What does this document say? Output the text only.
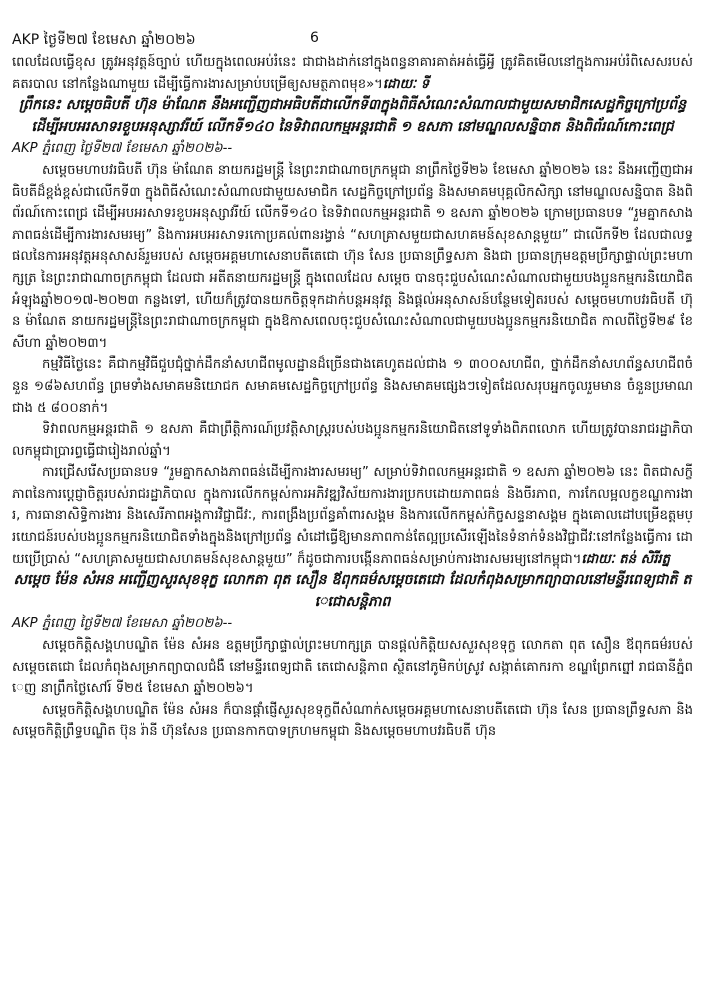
AKP ថ្ងៃទី២៧ ខែមេសា ឆ្នាំ២០២៦	6

ពេលដែលធ្វើខុស ត្រូវអនុវត្តន៍ច្បាប់ ហើយក្នុងពេលអប់រំនេះ ជាជាងដាក់នៅក្នុងពន្ធនាគារគាត់អត់ធ្វើអ្វី ត្រូវគិតមើលនៅក្នុងការអប់រំពិសេសរបស់គតរបាល នៅកន្លែងណាមួយ ដើម្បីធ្វើការងារសម្រាប់បម្រើឲ្យសមត្ថភាពមុខ»។ដោយៈ ទី

ព្រឹកនេះ សម្តេចធិបតី ហ៊ុន ម៉ាណែត នឹងអញ្ជើញជាអធិបតីជាលើកទី៣ក្នុងពិធីសំណេះសំណាលជាមួយសមាជិកសេដ្ឋកិច្ចក្រៅប្រព័ន្ធ ដើម្បីអបអរសាទរខួបអនុស្សាវរីយ៍ លើកទី១៤០ នៃទិវាពលកម្មអន្តរជាតិ ១ ឧសភា នៅមណ្ឌលសន្និបាត និងពិព័រណ៍កោះពេជ្រ

AKP ភ្នំពេញ ថ្ងៃទី២៧ ខែមេសា ឆ្នាំ២០២៦--

សម្តេចមហាបវរធិបតី ហ៊ុន ម៉ាណែត នាយករដ្ឋមន្ត្រី នៃព្រះរាជាណាចក្រកម្ពុជា នាព្រឹកថ្ងៃទី២៦ ខែមេសា ឆ្នាំ២០២៦ នេះ នឹងអញ្ជើញជាអធិបតីដ៏ខ្ពង់ខ្ពស់ជាលើកទី៣ ក្នុងពិធីសំណេះសំណាលជាមួយសមាជិក សេដ្ឋកិច្ចក្រៅប្រព័ន្ធ និងសមាគមបុគ្គលិកសិក្សា នៅមណ្ឌលសន្និបាត និងពិព័រណ៍កោះពេជ្រ ដើម្បីអបអរសាទរខួបអនុស្សាវរីយ៍ លើកទី១៤០ នៃទិវាពលកម្មអន្តរជាតិ ១ ឧសភា ឆ្នាំ២០២៦ ក្រោមប្រធានបទ “រួមគ្នាកសាងភាពធន់ដើម្បីការងារសមរម្យ” និងការអបអរសាទរកោប្រគល់ពានរង្វាន់ “សហគ្រាសមួយជាសហគមន៍សុខសាន្តមួយ” ជាលើកទី២ ដែលជាលទ្ធផលនៃការអនុវត្តអនុសាសន៍រួមរបស់ សម្តេចអគ្គមហាសេនាបតីតេជោ ហ៊ុន សែន ប្រធានព្រឹទ្ធសភា និងជា ប្រធានក្រុមឧត្តមប្រឹក្សាផ្ទាល់ព្រះមហាក្សត្រ នៃព្រះរាជាណាចក្រកម្ពុជា ដែលជា អតីតនាយករដ្ឋមន្ត្រី ក្នុងពេលដែល សម្តេច បានចុះជួបសំណេះសំណាលជាមួយបងប្អូនកម្មករនិយោជិតអំឡុងឆ្នាំ២០១៧-២០២៣ កន្លងទៅ, ហើយក៏ត្រូវបានយកចិត្តទុកដាក់បន្តអនុវត្ត និងផ្តល់អនុសាសន៍បន្ថែមទៀតរបស់ សម្តេចមហាបវរធិបតី ហ៊ុន ម៉ាណែត នាយករដ្ឋមន្ត្រីនៃព្រះរាជាណាចក្រកម្ពុជា ក្នុងឱកាសពេលចុះជួបសំណេះសំណាលជាមួយបងប្អូនកម្មករនិយោជិត កាលពីថ្ងៃទី២៩ ខែសីហា ឆ្នាំ២០២៣។

កម្មវិធីថ្ងៃនេះ គឺជាកម្មវិធីជួបជុំថ្នាក់ដឹកនាំសហជីពមូលដ្ឋានដ៏ច្រើនជាងគេហូតដល់ជាង ១ ៣០០សហជីព, ថ្នាក់ដឹកនាំសហព័ន្ធសហជីពចំនួន ១៨៦សហព័ន្ធ ព្រមទាំងសមាគមនិយោជក សមាគមសេដ្ឋកិច្ចក្រៅប្រព័ន្ធ និងសមាគមផ្សេងៗទៀតដែលសរុបអ្នកចូលរួមមាន ចំនួនប្រមាណជាង ៥ ៨០០នាក់។

ទិវាពលកម្មអន្តរជាតិ ១ ឧសភា គឺជាព្រឹត្តិការណ៍ប្រវត្តិសាស្ត្ររបស់បងប្អូនកម្មករនិយោជិតនៅទូទាំងពិភពលោក ហើយត្រូវបានរាជរដ្ឋាភិបាលកម្ពុជាប្រារព្ធធ្វើជារៀងរាល់ឆ្នាំ។

ការជ្រើសរើសប្រធានបទ “រួមគ្នាកសាងភាពធន់ដើម្បីការងារសមរម្យ” សម្រាប់ទិវាពលកម្មអន្តរជាតិ ១ ឧសភា ឆ្នាំ២០២៦ នេះ ពិតជាសក្ខីភាពនៃការប្តេជ្ញាចិត្តរបស់រាជរដ្ឋាភិបាល ក្នុងការលើកកម្ពស់ការអភិវឌ្ឍវិស័យការងារប្រកបដោយភាពធន់ និងចីរភាព, ការកែលម្អលក្ខខណ្ឌការងារ, ការធានាសិទ្ធិការងារ និងសេរីភាពអង្គការវិជ្ជាជីវៈ, ការពង្រឹងប្រព័ន្ធគាំពារសង្គម និងការលើកកម្ពស់កិច្ចសន្ទនាសង្គម ក្នុងគោលដៅបម្រើឧត្តមប្រយោជន៍របស់បងប្អូនកម្មករនិយោជិតទាំងក្នុងនិងក្រៅប្រព័ន្ធ សំដៅធ្វើឱ្យមានភាពកាន់តែល្អប្រសើរឡើងនៃទំនាក់ទំនងវិជ្ជាជីវៈនៅកន្លែងធ្វើការ ដោយប្រើប្រាស់ “សហគ្រាសមួយជាសហគមន៍សុខសាន្តមួយ” ក៏ដូចជាការបង្កើនភាពធន់សម្រាប់ការងារសមរម្យនៅកម្ពុជា។ដោយៈ តន់ សិរីរត្ន

សម្តេច ម៉ែន សំអន អញ្ជើញសួរសុខទុក្ខ លោកតា ពុត សឿន ឪពុកធម៌សម្តេចតេជោ ដែលកំពុងសម្រាកព្យាបាលនៅមន្ទីរពេទ្យជាតិ តេជោសន្តិភាព

AKP ភ្នំពេញ ថ្ងៃទី២៧ ខែមេសា ឆ្នាំ២០២៦--

សម្តេចកិត្តិសង្គហបណ្ឌិត ម៉ែន សំអន ឧត្តមប្រឹក្សាផ្ទាល់ព្រះមហាក្សត្រ បានផ្តល់កិត្តិយសសួរសុខទុក្ខ លោកតា ពុត សឿន ឪពុកធម៌របស់សម្តេចតេជោ ដែលកំពុងសម្រាកព្យាបាលជំងឺ នៅមន្ទីរពេទ្យជាតិ តេជោសន្តិភាព ស្ថិតនៅភូមិកប់ស្រូវ សង្កាត់គោករកា ខណ្ឌព្រែកព្នៅ រាជធានីភ្នំពេញ នាព្រឹកថ្ងៃសៅរ៍ ទី២៥ ខែមេសា ឆ្នាំ២០២៦។

សម្តេចកិត្តិសង្គហបណ្ឌិត ម៉ែន សំអន ក៏បានផ្តាំផ្ញើសួរសុខទុក្ខពីសំណាក់សម្តេចអគ្គមហាសេនាបតីតេជោ ហ៊ុន សែន ប្រធានព្រឹទ្ធសភា និងសម្តេចកិត្តិព្រឹទ្ធបណ្ឌិត ប៊ុន រ៉ានី ហ៊ុនសែន ប្រធានកាកបាទក្រហមកម្ពុជា និងសម្តេចមហាបវរធិបតី ហ៊ុន
